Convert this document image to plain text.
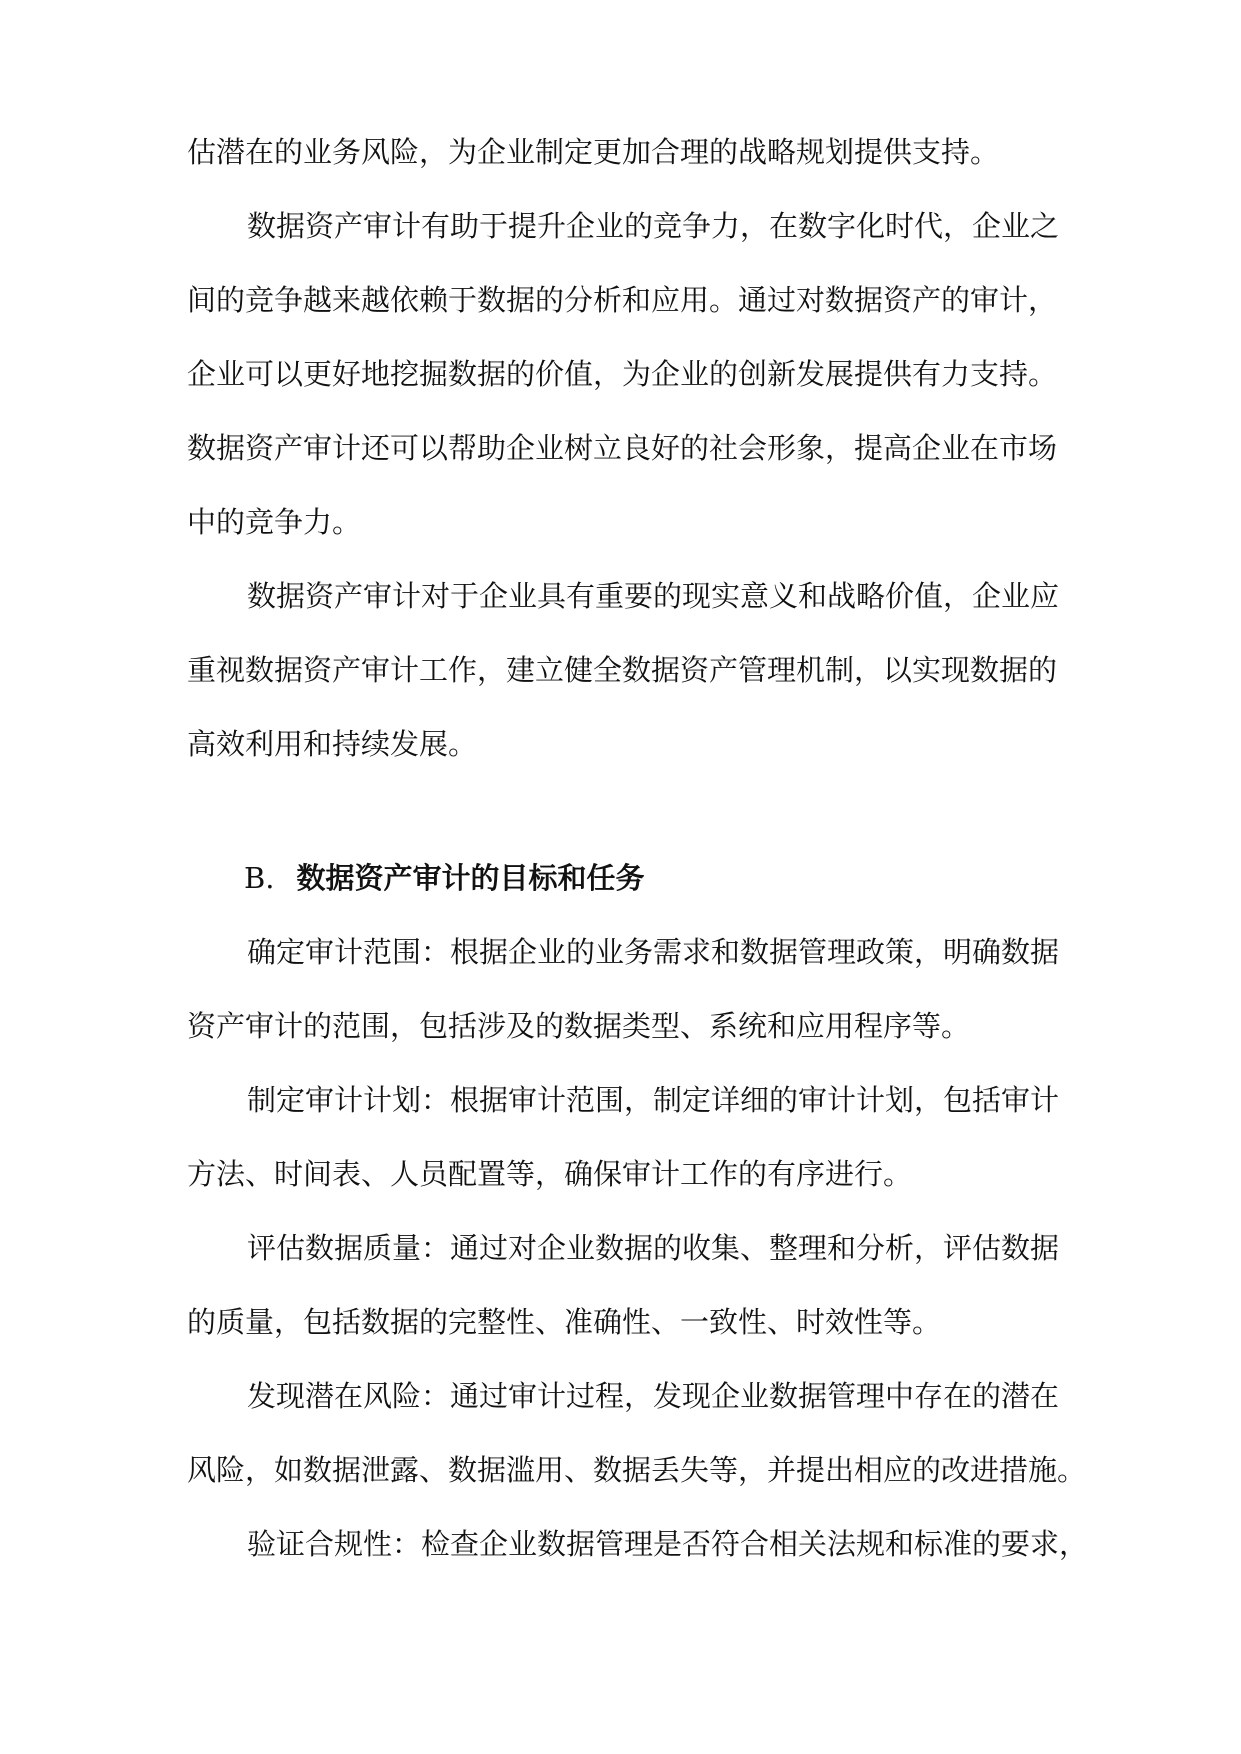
估潜在的业务风险，为企业制定更加合理的战略规划提供支持。

数据资产审计有助于提升企业的竞争力，在数字化时代，企业之

间的竞争越来越依赖于数据的分析和应用。通过对数据资产的审计，

企业可以更好地挖掘数据的价值，为企业的创新发展提供有力支持。

数据资产审计还可以帮助企业树立良好的社会形象，提高企业在市场

中的竞争力。

数据资产审计对于企业具有重要的现实意义和战略价值，企业应

重视数据资产审计工作，建立健全数据资产管理机制，以实现数据的

高效利用和持续发展。

B. 数据资产审计的目标和任务

确定审计范围：根据企业的业务需求和数据管理政策，明确数据

资产审计的范围，包括涉及的数据类型、系统和应用程序等。

制定审计计划：根据审计范围，制定详细的审计计划，包括审计

方法、时间表、人员配置等，确保审计工作的有序进行。

评估数据质量：通过对企业数据的收集、整理和分析，评估数据

的质量，包括数据的完整性、准确性、一致性、时效性等。

发现潜在风险：通过审计过程，发现企业数据管理中存在的潜在

风险，如数据泄露、数据滥用、数据丢失等，并提出相应的改进措施。

验证合规性：检查企业数据管理是否符合相关法规和标准的要求，
